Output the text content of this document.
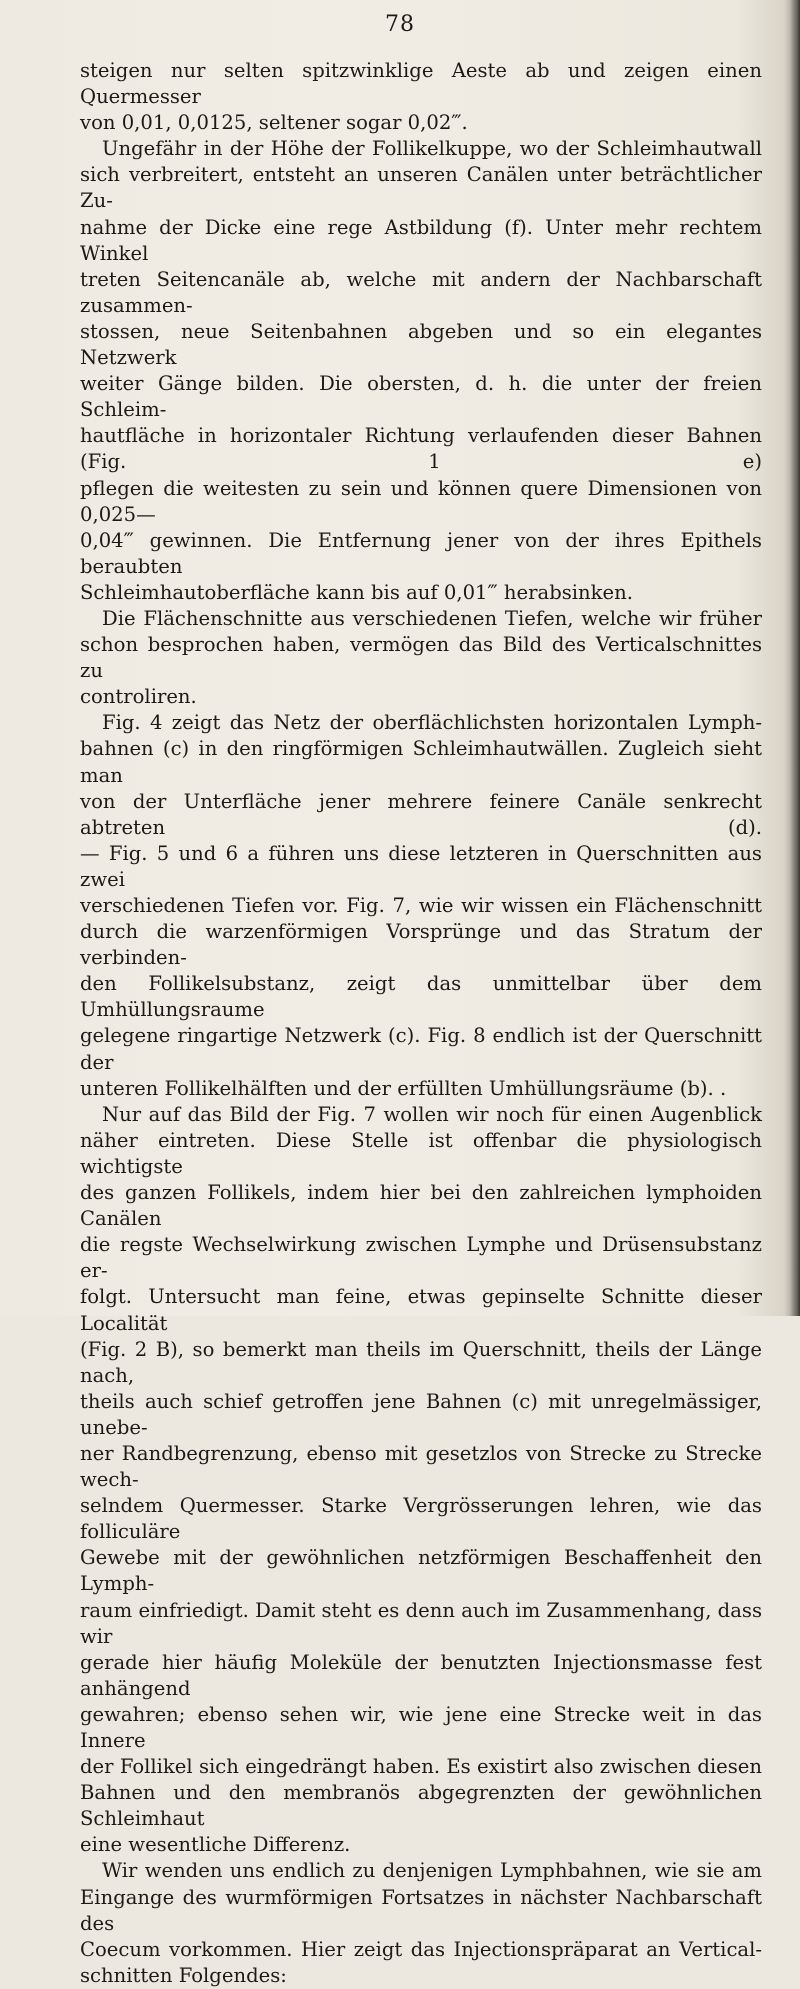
78

steigen nur selten spitzwinklige Aeste ab und zeigen einen Quermesser

von 0,01, 0,0125, seltener sogar 0,02‴.

Ungefähr in der Höhe der Follikelkuppe, wo der Schleimhautwall

sich verbreitert, entsteht an unseren Canälen unter beträchtlicher Zu-

nahme der Dicke eine rege Astbildung (f). Unter mehr rechtem Winkel

treten Seitencanäle ab, welche mit andern der Nachbarschaft zusammen-

stossen, neue Seitenbahnen abgeben und so ein elegantes Netzwerk

weiter Gänge bilden. Die obersten, d. h. die unter der freien Schleim-

hautfläche in horizontaler Richtung verlaufenden dieser Bahnen (Fig. 1 e)

pflegen die weitesten zu sein und können quere Dimensionen von 0,025—

0,04‴ gewinnen. Die Entfernung jener von der ihres Epithels beraubten

Schleimhautoberfläche kann bis auf 0,01‴ herabsinken.

Die Flächenschnitte aus verschiedenen Tiefen, welche wir früher

schon besprochen haben, vermögen das Bild des Verticalschnittes zu

controliren.

Fig. 4 zeigt das Netz der oberflächlichsten horizontalen Lymph-

bahnen (c) in den ringförmigen Schleimhautwällen. Zugleich sieht man

von der Unterfläche jener mehrere feinere Canäle senkrecht abtreten (d).

— Fig. 5 und 6 a führen uns diese letzteren in Querschnitten aus zwei

verschiedenen Tiefen vor. Fig. 7, wie wir wissen ein Flächenschnitt

durch die warzenförmigen Vorsprünge und das Stratum der verbinden-

den Follikelsubstanz, zeigt das unmittelbar über dem Umhüllungsraume

gelegene ringartige Netzwerk (c). Fig. 8 endlich ist der Querschnitt der

unteren Follikelhälften und der erfüllten Umhüllungsräume (b). .

Nur auf das Bild der Fig. 7 wollen wir noch für einen Augenblick

näher eintreten. Diese Stelle ist offenbar die physiologisch wichtigste

des ganzen Follikels, indem hier bei den zahlreichen lymphoiden Canälen

die regste Wechselwirkung zwischen Lymphe und Drüsensubstanz er-

folgt. Untersucht man feine, etwas gepinselte Schnitte dieser Localität

(Fig. 2 B), so bemerkt man theils im Querschnitt, theils der Länge nach,

theils auch schief getroffen jene Bahnen (c) mit unregelmässiger, unebe-

ner Randbegrenzung, ebenso mit gesetzlos von Strecke zu Strecke wech-

selndem Quermesser. Starke Vergrösserungen lehren, wie das folliculäre

Gewebe mit der gewöhnlichen netzförmigen Beschaffenheit den Lymph-

raum einfriedigt. Damit steht es denn auch im Zusammenhang, dass wir

gerade hier häufig Moleküle der benutzten Injectionsmasse fest anhängend

gewahren; ebenso sehen wir, wie jene eine Strecke weit in das Innere

der Follikel sich eingedrängt haben. Es existirt also zwischen diesen

Bahnen und den membranös abgegrenzten der gewöhnlichen Schleimhaut

eine wesentliche Differenz.

Wir wenden uns endlich zu denjenigen Lymphbahnen, wie sie am

Eingange des wurmförmigen Fortsatzes in nächster Nachbarschaft des

Coecum vorkommen. Hier zeigt das Injectionspräparat an Vertical-

schnitten Folgendes:
